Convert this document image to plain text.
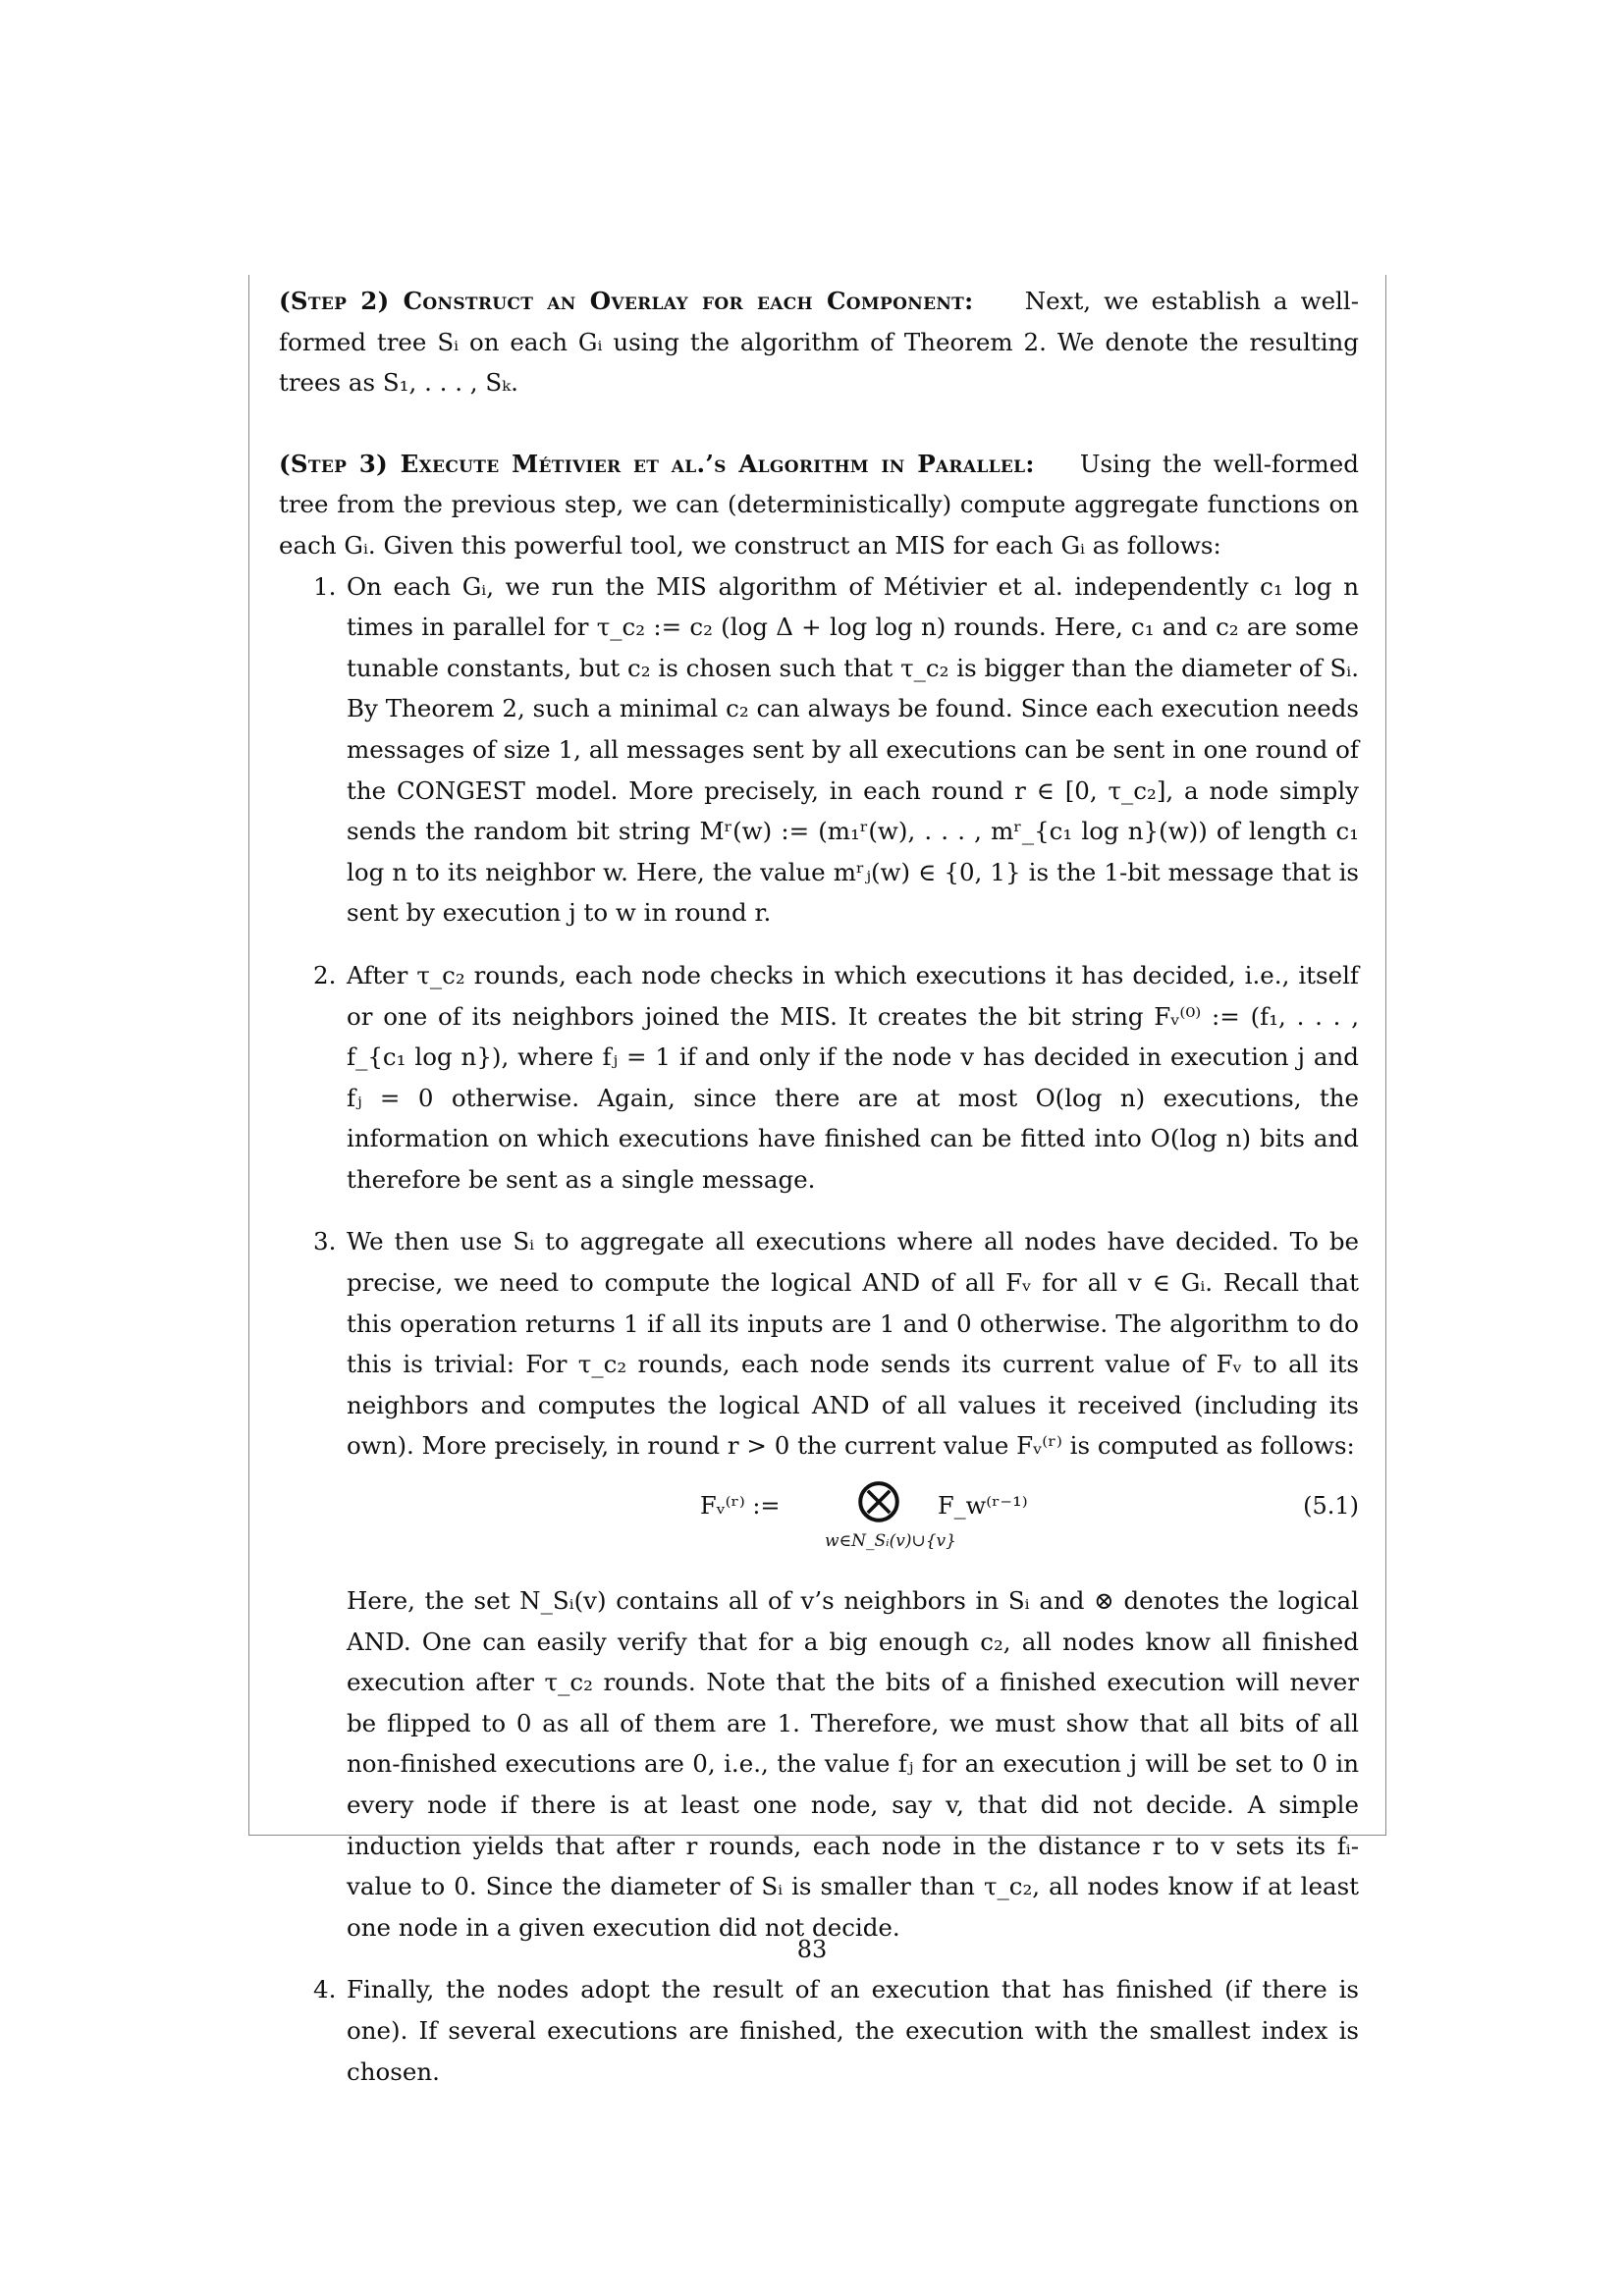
(Step 2) Construct an Overlay for each Component: Next, we establish a well-formed tree Sᵢ on each Gᵢ using the algorithm of Theorem 2. We denote the resulting trees as S₁, . . . , Sₖ.

(Step 3) Execute Métivier et al.’s Algorithm in Parallel: Using the well-formed tree from the previous step, we can (deterministically) compute aggregate functions on each Gᵢ. Given this powerful tool, we construct an MIS for each Gᵢ as follows:

1. On each Gᵢ, we run the MIS algorithm of Métivier et al. independently c₁ log n times in parallel for τ_c₂ := c₂ (log Δ + log log n) rounds. Here, c₁ and c₂ are some tunable constants, but c₂ is chosen such that τ_c₂ is bigger than the diameter of Sᵢ. By Theorem 2, such a minimal c₂ can always be found. Since each execution needs messages of size 1, all messages sent by all executions can be sent in one round of the CONGEST model. More precisely, in each round r ∈ [0, τ_c₂], a node simply sends the random bit string Mʳ(w) := (m₁ʳ(w), . . . , mʳ_{c₁ log n}(w)) of length c₁ log n to its neighbor w. Here, the value mʳⱼ(w) ∈ {0, 1} is the 1-bit message that is sent by execution j to w in round r.
2. After τ_c₂ rounds, each node checks in which executions it has decided, i.e., itself or one of its neighbors joined the MIS. It creates the bit string Fᵥ⁽⁰⁾ := (f₁, . . . , f_{c₁ log n}), where fⱼ = 1 if and only if the node v has decided in execution j and fⱼ = 0 otherwise. Again, since there are at most O(log n) executions, the information on which executions have finished can be fitted into O(log n) bits and therefore be sent as a single message.
3. We then use Sᵢ to aggregate all executions where all nodes have decided. To be precise, we need to compute the logical AND of all Fᵥ for all v ∈ Gᵢ. Recall that this operation returns 1 if all its inputs are 1 and 0 otherwise. The algorithm to do this is trivial: For τ_c₂ rounds, each node sends its current value of Fᵥ to all its neighbors and computes the logical AND of all values it received (including its own). More precisely, in round r > 0 the current value Fᵥ⁽ʳ⁾ is computed as follows:
Fᵥ⁽ʳ⁾ := ⨂
w∈N_Sᵢ(v)∪{v}
F_w⁽ʳ⁻¹⁾	(5.1)
Here, the set N_Sᵢ(v) contains all of v’s neighbors in Sᵢ and ⊗ denotes the logical AND. One can easily verify that for a big enough c₂, all nodes know all finished execution after τ_c₂ rounds. Note that the bits of a finished execution will never be flipped to 0 as all of them are 1. Therefore, we must show that all bits of all non-finished executions are 0, i.e., the value fⱼ for an execution j will be set to 0 in every node if there is at least one node, say v, that did not decide. A simple induction yields that after r rounds, each node in the distance r to v sets its fᵢ-value to 0. Since the diameter of Sᵢ is smaller than τ_c₂, all nodes know if at least one node in a given execution did not decide.
4. Finally, the nodes adopt the result of an execution that has finished (if there is one). If several executions are finished, the execution with the smallest index is chosen.
83
